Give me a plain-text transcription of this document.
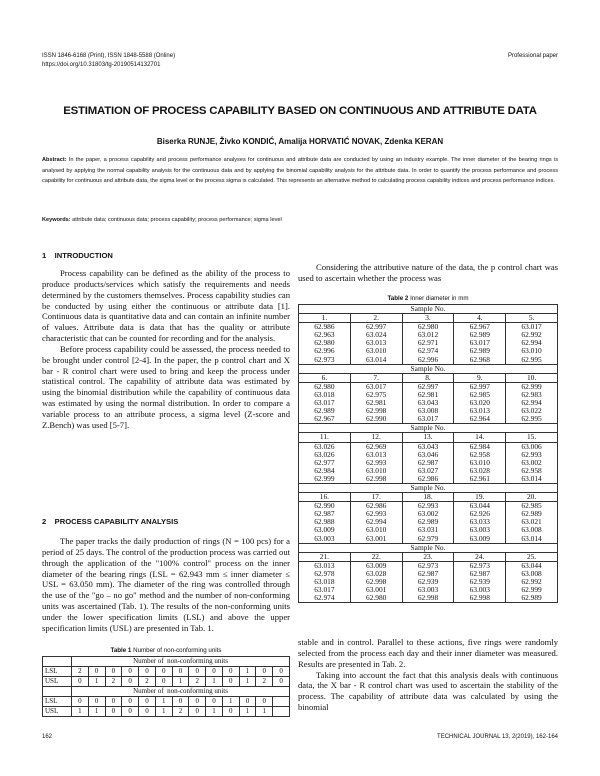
ISSN 1846-6168 (Print), ISSN 1848-5588 (Online)
https://doi.org/10.31803/tg-20190514132701
Professional paper
ESTIMATION OF PROCESS CAPABILITY BASED ON CONTINUOUS AND ATTRIBUTE DATA
Biserka RUNJE, Živko KONDIĆ, Amalija HORVATIĆ NOVAK, Zdenka KERAN
Abstract: In the paper, a process capability and process performance analyses for continuous and attribute data are conducted by using an industry example. The inner diameter of the bearing rings is analysed by applying the normal capability analysis for the continuous data and by applying the binomial capability analysis for the attribute data. In order to quantify the process performance and process capability for continuous and attribute data, the sigma level or the process sigma is calculated. This represents an alternative method to calculating process capability indices and process performance indices.
Keywords: attribute data; continuous data; process capability; process performance; sigma level
1    INTRODUCTION

Process capability can be defined as the ability of the process to produce products/services which satisfy the requirements and needs determined by the customers themselves. Process capability studies can be conducted by using either the continuous or attribute data [1]. Continuous data is quantitative data and can contain an infinite number of values. Attribute data is data that has the quality or attribute characteristic that can be counted for recording and for the analysis.

Before process capability could be assessed, the process needed to be brought under control [2-4]. In the paper, the p control chart and X bar - R control chart were used to bring and keep the process under statistical control. The capability of attribute data was estimated by using the binomial distribution while the capability of continuous data was estimated by using the normal distribution. In order to compare a variable process to an attribute process, a sigma level (Z-score and Z.Bench) was used [5-7].

2    PROCESS CAPABILITY ANALYSIS

The paper tracks the daily production of rings (N = 100 pcs) for a period of 25 days. The control of the production process was carried out through the application of the "100% control" process on the inner diameter of the bearing rings (LSL = 62.943 mm ≤ inner diameter ≤ USL = 63.050 mm). The diameter of the ring was controlled through the use of the "go – no go" method and the number of non-conforming units was ascertained (Tab. 1). The results of the non-conforming units under the lower specification limits (LSL) and above the upper specification limits (USL) are presented in Tab. 1.

Considering the attributive nature of the data, the p control chart was used to ascertain whether the process was

Table 2 Inner diameter in mm
Sample No.				
1.	2.	3.	4.	5.
62.986	62.997	62.980	62.967	63.017
62.963	63.024	63.012	62.989	62.992
62.980	63.013	62.971	63.017	62.994
62.996	63.010	62.974	62.989	63.010
62.973	63.014	62.996	62.968	62.995
Sample No.				
6.	7.	8.	9.	10.
62.980	63.017	62.997	62.997	62.999
63.018	62.975	62.981	62.985	62.983
63.017	62.981	63.043	63.020	62.994
62.989	62.998	63.008	63.013	63.022
62.967	62.990	63.017	62.964	62.995
Sample No.				
11.	12.	13.	14.	15.
63.026	62.969	63.043	62.984	63.006
63.026	63.013	63.046	62.958	62.993
62.977	62.993	62.987	63.010	63.002
62.984	63.010	63.027	63.028	62.958
62.999	62.998	62.986	62.961	63.014
Sample No.				
16.	17.	18.	19.	20.
62.990	62.986	62.993	63.044	62.985
62.987	62.993	63.002	62.926	62.989
62.988	62.994	62.989	63.033	63.021
63.009	63.010	63.031	63.003	63.008
63.003	63.001	62.979	63.009	63.014
Sample No.				
21.	22.	23.	24.	25.
63.013	63.009	62.973	62.973	63.044
62.978	63.028	62.987	62.987	63.008
63.018	62.998	62.939	62.939	62.992
63.017	63.001	63.003	63.003	62.999
62.974	62.980	62.998	62.998	62.989

stable and in control. Parallel to these actions, five rings were randomly selected from the process each day and their inner diameter was measured. Results are presented in Tab. 2.

Taking into account the fact that this analysis deals with continuous data, the X bar - R control chart was used to ascertain the stability of the process. The capability of attribute data was calculated by using the binomial

Table 1 Number of non-conforming units
	Number of  non-conforming units												
LSL	2	0	0	0	0	0	0	0	0	0	1	0	0
USL	0	1	2	0	2	0	1	2	1	0	1	2	0
	Number of  non-conforming units												
LSL	0	0	0	0	0	1	0	0	0	1	0	0	
USL	1	1	0	0	0	1	2	0	1	0	1	1	
162	TECHNICAL JOURNAL 13, 2(2019), 162-164
